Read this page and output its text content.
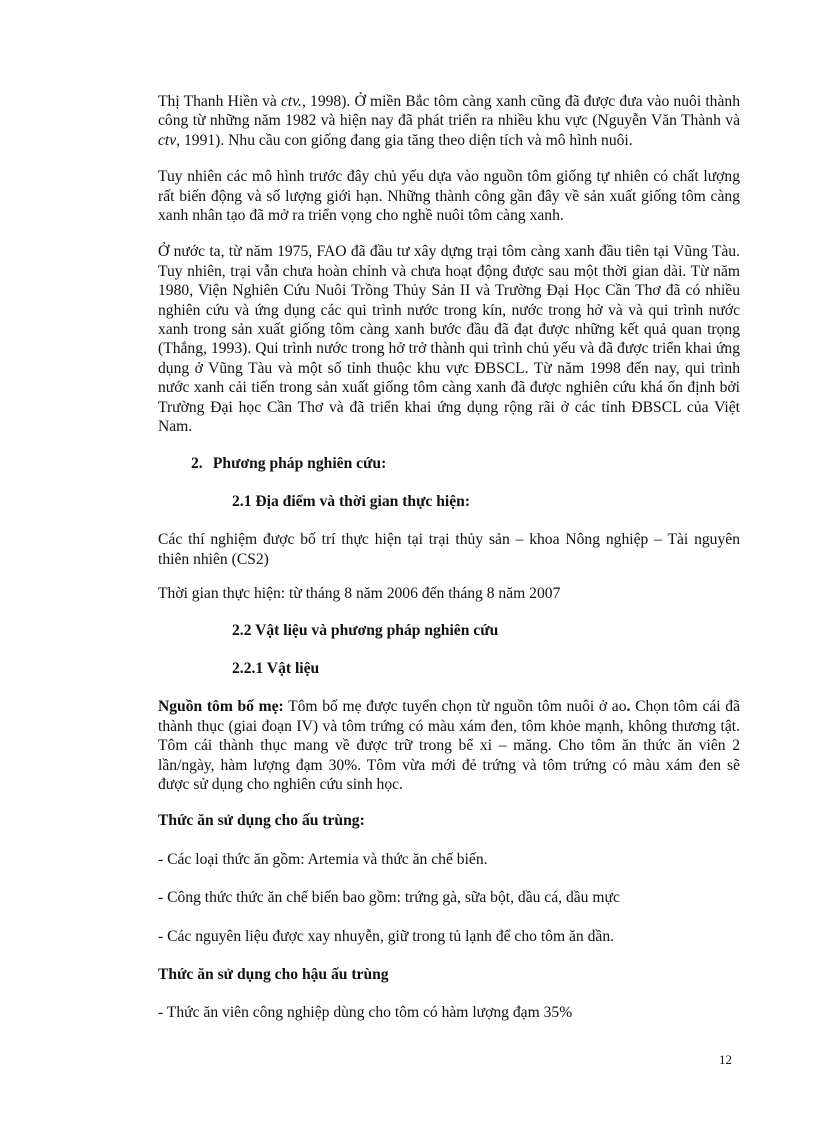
Thị Thanh Hiền và ctv., 1998). Ở miền Bắc tôm càng xanh cũng đã được đưa vào nuôi thành công từ những năm 1982 và hiện nay đã phát triển ra nhiều khu vực (Nguyễn Văn Thành và ctv, 1991). Nhu cầu con giống đang gia tăng theo diện tích và mô hình nuôi.

Tuy nhiên các mô hình trước đây chủ yếu dựa vào nguồn tôm giống tự nhiên có chất lượng rất biến động và số lượng giới hạn. Những thành công gần đây về sản xuất giống tôm càng xanh nhân tạo đã mở ra triển vọng cho nghề nuôi tôm càng xanh.

Ở nước ta, từ năm 1975, FAO đã đầu tư xây dựng trại tôm càng xanh đầu tiên tại Vũng Tàu. Tuy nhiên, trại vẫn chưa hoàn chỉnh và chưa hoạt động được sau một thời gian dài. Từ năm 1980, Viện Nghiên Cứu Nuôi Trồng Thủy Sản II và Trường Đại Học Cần Thơ đã có nhiều nghiên cứu và ứng dụng các qui trình nước trong kín, nước trong hở và và qui trình nước xanh trong sản xuất giống tôm càng xanh bước đầu đã đạt được những kết quả quan trọng (Thắng, 1993). Qui trình nước trong hở trở thành qui trình chủ yếu và đã được triển khai ứng dụng ở Vũng Tàu và một số tỉnh thuộc khu vực ĐBSCL. Từ năm 1998 đến nay, qui trình nước xanh cải tiến trong sản xuất giống tôm càng xanh đã được nghiên cứu khá ổn định bởi Trường Đại học Cần Thơ và đã triển khai ứng dụng rộng rãi ở các tỉnh ĐBSCL của Việt Nam.

2. Phương pháp nghiên cứu:
2.1 Địa điểm và thời gian thực hiện:

Các thí nghiệm được bố trí thực hiện tại trại thủy sản – khoa Nông nghiệp – Tài nguyên thiên nhiên (CS2)

Thời gian thực hiện: từ tháng 8 năm 2006 đến tháng 8 năm 2007

2.2 Vật liệu và phương pháp nghiên cứu
2.2.1 Vật liệu

Nguồn tôm bố mẹ: Tôm bố mẹ được tuyển chọn từ nguồn tôm nuôi ở ao. Chọn tôm cái đã thành thục (giai đoạn IV) và tôm trứng có màu xám đen, tôm khỏe mạnh, không thương tật. Tôm cái thành thục mang về được trữ trong bể xi – măng. Cho tôm ăn thức ăn viên 2 lần/ngày, hàm lượng đạm 30%. Tôm vừa mới đẻ trứng và tôm trứng có màu xám đen sẽ được sử dụng cho nghiên cứu sinh học.

Thức ăn sử dụng cho ấu trùng:
- Các loại thức ăn gồm: Artemia và thức ăn chế biến.
- Công thức thức ăn chế biến bao gồm: trứng gà, sữa bột, dầu cá, dầu mực
- Các nguyên liệu được xay nhuyễn, giữ trong tủ lạnh để cho tôm ăn dần.
Thức ăn sử dụng cho hậu ấu trùng
- Thức ăn viên công nghiệp dùng cho tôm có hàm lượng đạm 35%
12
